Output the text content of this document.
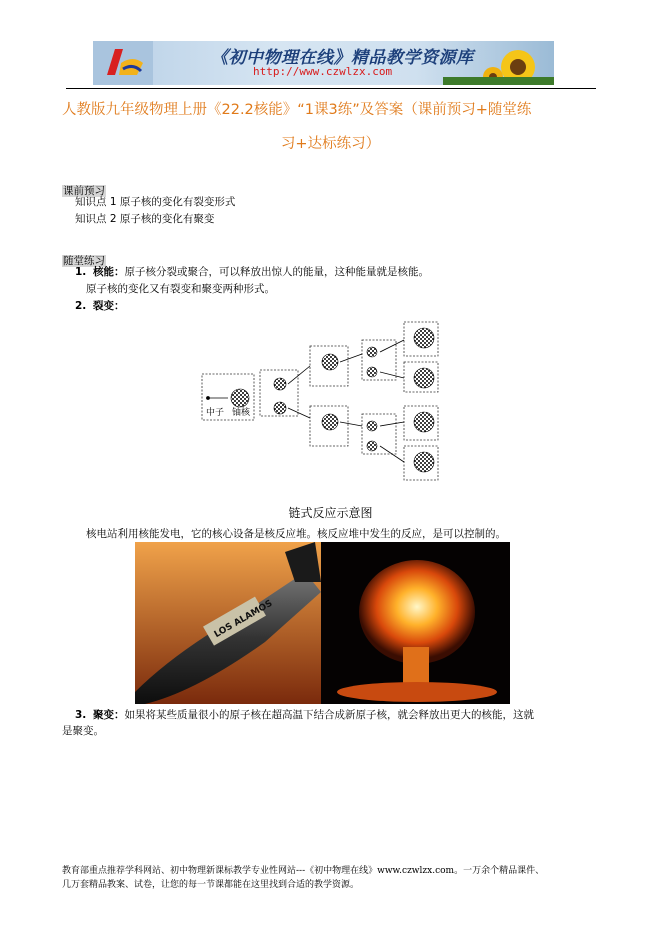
《初中物理在线》精品教学资源库
http://www.czwlzx.com
人教版九年级物理上册《22.2核能》“1课3练”及答案（课前预习+随堂练
习+达标练习）
课前预习
知识点 1 原子核的变化有裂变形式
知识点 2 原子核的变化有聚变
随堂练习
1. 核能：原子核分裂或聚合，可以释放出惊人的能量，这种能量就是核能。
原子核的变化又有裂变和聚变两种形式。
2. 裂变：
中子 铀核
链式反应示意图
核电站利用核能发电，它的核心设备是核反应堆。核反应堆中发生的反应，是可以控制的。
LOS ALAMOS
3. 聚变：如果将某些质量很小的原子核在超高温下结合成新原子核，就会释放出更大的核能，这就
是聚变。
教育部重点推荐学科网站、初中物理新课标教学专业性网站---《初中物理在线》www.czwlzx.com。一万余个精品课件、
几万套精品教案、试卷，让您的每一节课都能在这里找到合适的教学资源。
